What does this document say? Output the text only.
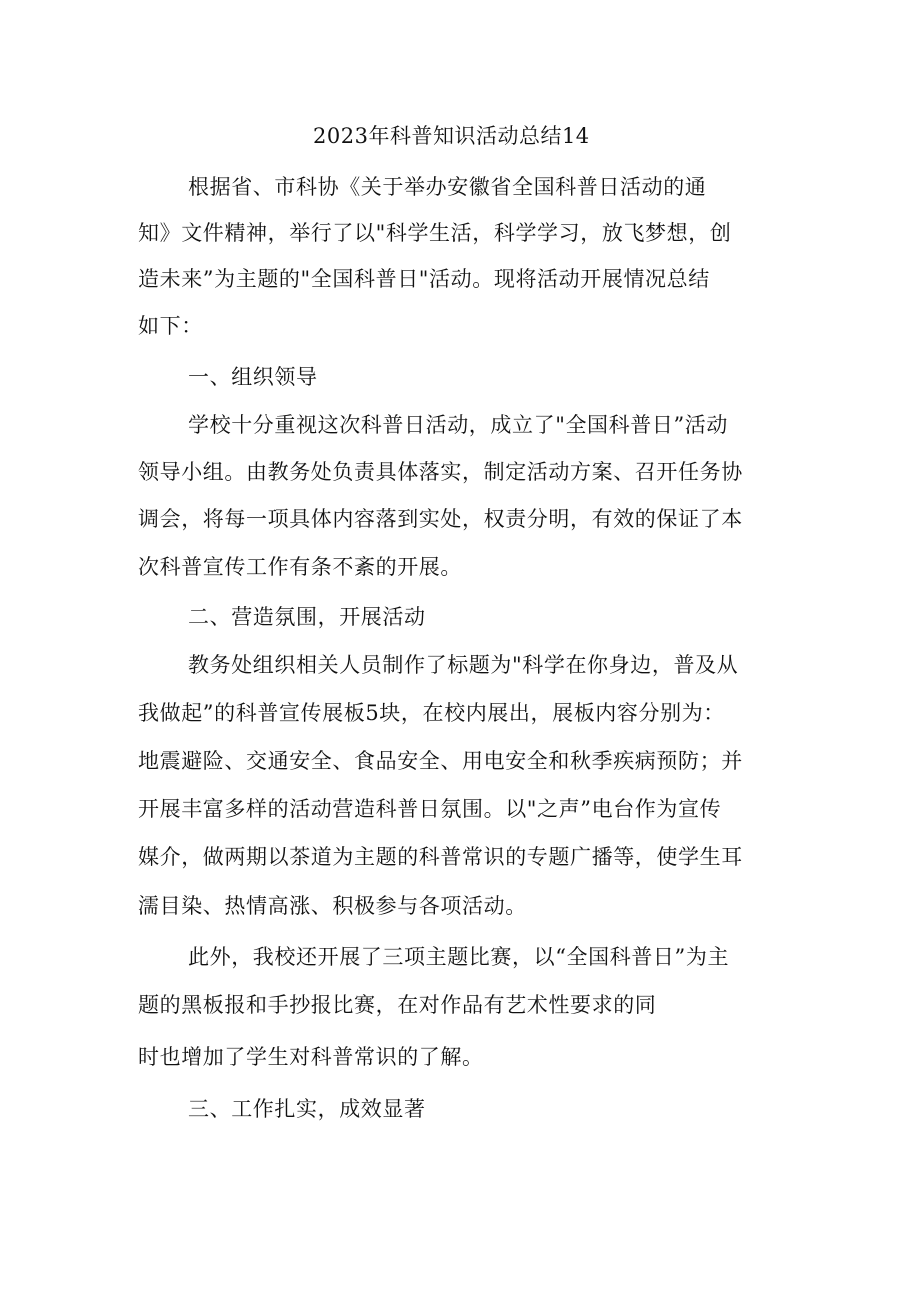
2023年科普知识活动总结14
根据省、市科协《关于举办安徽省全国科普日活动的通
知》文件精神，举行了以"科学生活，科学学习，放飞梦想，创
造未来”为主题的"全国科普日"活动。现将活动开展情况总结
如下：
一、组织领导
学校十分重视这次科普日活动，成立了"全国科普日”活动
领导小组。由教务处负责具体落实，制定活动方案、召开任务协
调会，将每一项具体内容落到实处，权责分明，有效的保证了本
次科普宣传工作有条不紊的开展。
二、营造氛围，开展活动
教务处组织相关人员制作了标题为"科学在你身边，普及从
我做起”的科普宣传展板5块，在校内展出，展板内容分别为：
地震避险、交通安全、食品安全、用电安全和秋季疾病预防；并
开展丰富多样的活动营造科普日氛围。以"之声”电台作为宣传
媒介，做两期以茶道为主题的科普常识的专题广播等，使学生耳
濡目染、热情高涨、积极参与各项活动。
此外，我校还开展了三项主题比赛，以“全国科普日”为主
题的黑板报和手抄报比赛，在对作品有艺术性要求的同
时也增加了学生对科普常识的了解。
三、工作扎实，成效显著
